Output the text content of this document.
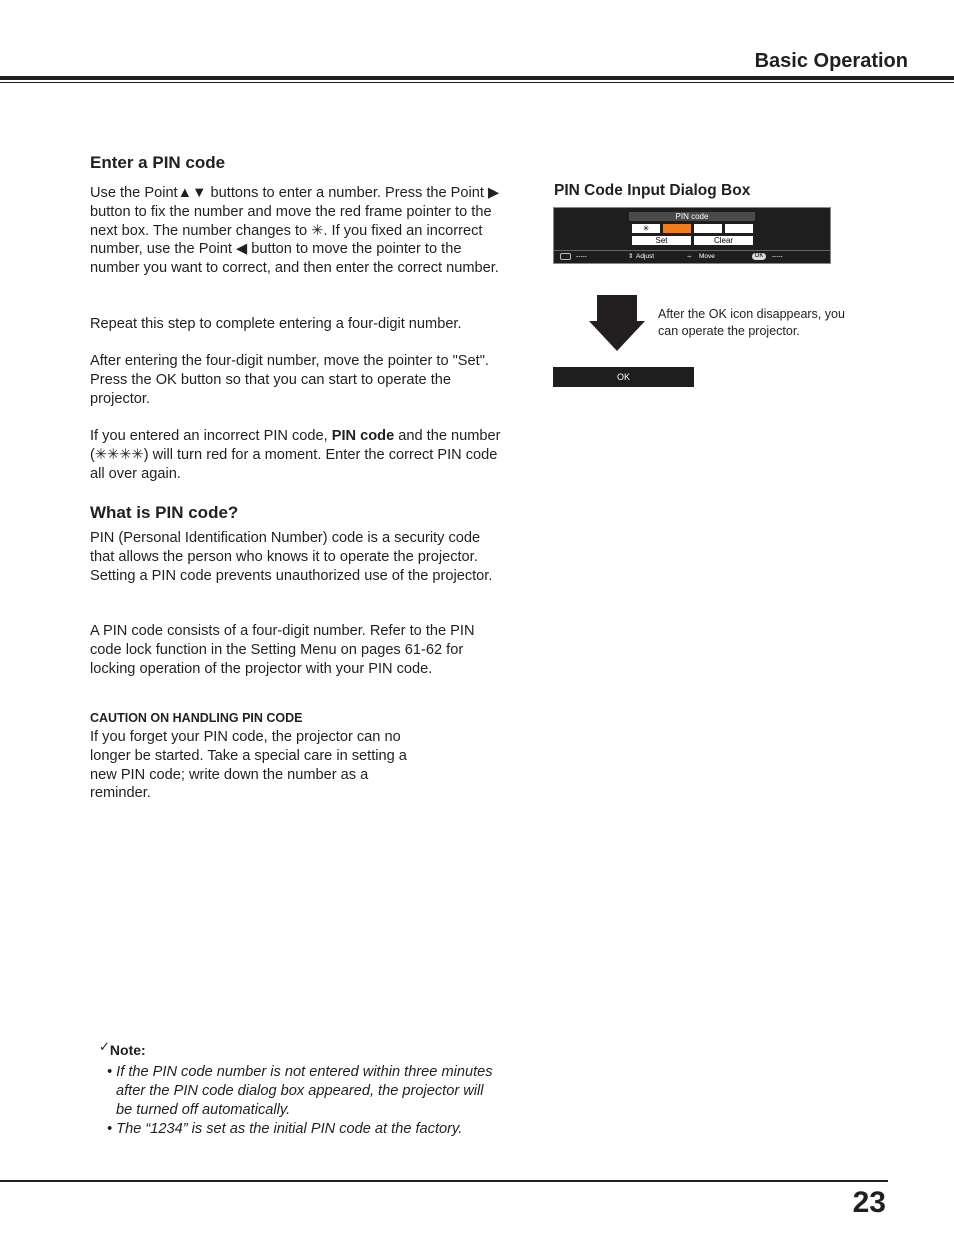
Basic Operation
Enter a PIN code

Use the Point▲▼ buttons to enter a number. Press the Point ▶ button to fix the number and move the red frame pointer to the next box. The number changes to ✳. If you fixed an incorrect number, use the Point ◀ button to move the pointer to the number you want to correct, and then enter the correct number.

Repeat this step to complete entering a four-digit number.

After entering the four-digit number, move the pointer to "Set". Press the OK button so that you can start to operate the projector.

If you entered an incorrect PIN code, PIN code and the number (✳✳✳✳) will turn red for a moment. Enter the correct PIN code all over again.

What is PIN code?

PIN (Personal Identification Number) code is a security code that allows the person who knows it to operate the projector. Setting a PIN code prevents unauthorized use of the projector.

A PIN code consists of a four-digit number. Refer to the PIN code lock function in the Setting Menu on pages 61-62 for locking operation of the projector with your PIN code.

CAUTION ON HANDLING PIN CODE

If you forget your PIN code, the projector can no longer be started. Take a special care in setting a new PIN code; write down the number as a reminder.

PIN Code Input Dialog Box
PIN code
✳
Set	Clear
-----	⇕ Adjust	⇔ Move	OK	-----
After the OK icon disappears, you can operate the projector.
OK
✓Note:

• If the PIN code number is not entered within three minutes after the PIN code dialog box appeared, the projector will be turned off automatically.

• The “1234” is set as the initial PIN code at the factory.

23
